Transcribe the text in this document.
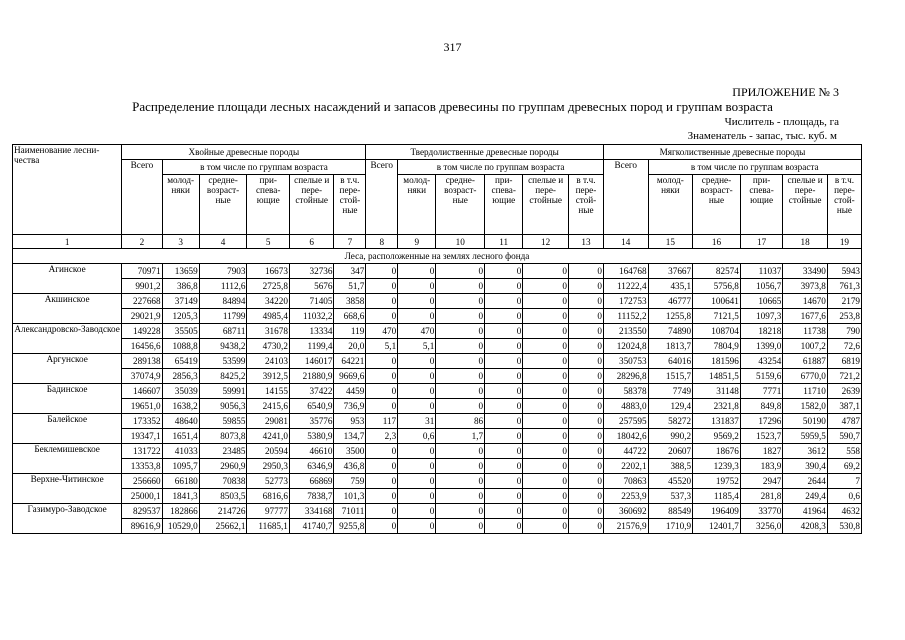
317
ПРИЛОЖЕНИЕ № 3
Распределение площади лесных насаждений и запасов древесины по группам древесных пород и группам возраста
Числитель - площадь, га
Знаменатель - запас, тыс. куб. м
Наименование лесни-чества	Хвойные древесные породы						Твердолиственные древесные породы						Мягколиственные древесные породы					
	Всего	в том числе по группам возраста					Всего	в том числе по группам возраста					Всего	в том числе по группам возраста				
		молод-няки	средне-возраст-ные	при-спева-ющие	спелые и пере-стойные	в т.ч. пере-стой-ные		молод-няки	средне-возраст-ные	при-спева-ющие	спелые и пере-стойные	в т.ч. пере-стой-ные		молод-няки	средне-возраст-ные	при-спева-ющие	спелые и пере-стойные	в т.ч. пере-стой-ные
1	2	3	4	5	6	7	8	9	10	11	12	13	14	15	16	17	18	19
Леса, расположенные на землях лесного фонда																		
Агинское	70971	13659	7903	16673	32736	347	0	0	0	0	0	0	164768	37667	82574	11037	33490	5943
	9901,2	386,8	1112,6	2725,8	5676	51,7	0	0	0	0	0	0	11222,4	435,1	5756,8	1056,7	3973,8	761,3
Акшинское	227668	37149	84894	34220	71405	3858	0	0	0	0	0	0	172753	46777	100641	10665	14670	2179
	29021,9	1205,3	11799	4985,4	11032,2	668,6	0	0	0	0	0	0	11152,2	1255,8	7121,5	1097,3	1677,6	253,8
Александровско-Заводское	149228	35505	68711	31678	13334	119	470	470	0	0	0	0	213550	74890	108704	18218	11738	790
	16456,6	1088,8	9438,2	4730,2	1199,4	20,0	5,1	5,1	0	0	0	0	12024,8	1813,7	7804,9	1399,0	1007,2	72,6
Аргунское	289138	65419	53599	24103	146017	64221	0	0	0	0	0	0	350753	64016	181596	43254	61887	6819
	37074,9	2856,3	8425,2	3912,5	21880,9	9669,6	0	0	0	0	0	0	28296,8	1515,7	14851,5	5159,6	6770,0	721,2
Бадинское	146607	35039	59991	14155	37422	4459	0	0	0	0	0	0	58378	7749	31148	7771	11710	2639
	19651,0	1638,2	9056,3	2415,6	6540,9	736,9	0	0	0	0	0	0	4883,0	129,4	2321,8	849,8	1582,0	387,1
Балейское	173352	48640	59855	29081	35776	953	117	31	86	0	0	0	257595	58272	131837	17296	50190	4787
	19347,1	1651,4	8073,8	4241,0	5380,9	134,7	2,3	0,6	1,7	0	0	0	18042,6	990,2	9569,2	1523,7	5959,5	590,7
Беклемишевское	131722	41033	23485	20594	46610	3500	0	0	0	0	0	0	44722	20607	18676	1827	3612	558
	13353,8	1095,7	2960,9	2950,3	6346,9	436,8	0	0	0	0	0	0	2202,1	388,5	1239,3	183,9	390,4	69,2
Верхне-Читинское	256660	66180	70838	52773	66869	759	0	0	0	0	0	0	70863	45520	19752	2947	2644	7
	25000,1	1841,3	8503,5	6816,6	7838,7	101,3	0	0	0	0	0	0	2253,9	537,3	1185,4	281,8	249,4	0,6
Газимуро-Заводское	829537	182866	214726	97777	334168	71011	0	0	0	0	0	0	360692	88549	196409	33770	41964	4632
	89616,9	10529,0	25662,1	11685,1	41740,7	9255,8	0	0	0	0	0	0	21576,9	1710,9	12401,7	3256,0	4208,3	530,8
